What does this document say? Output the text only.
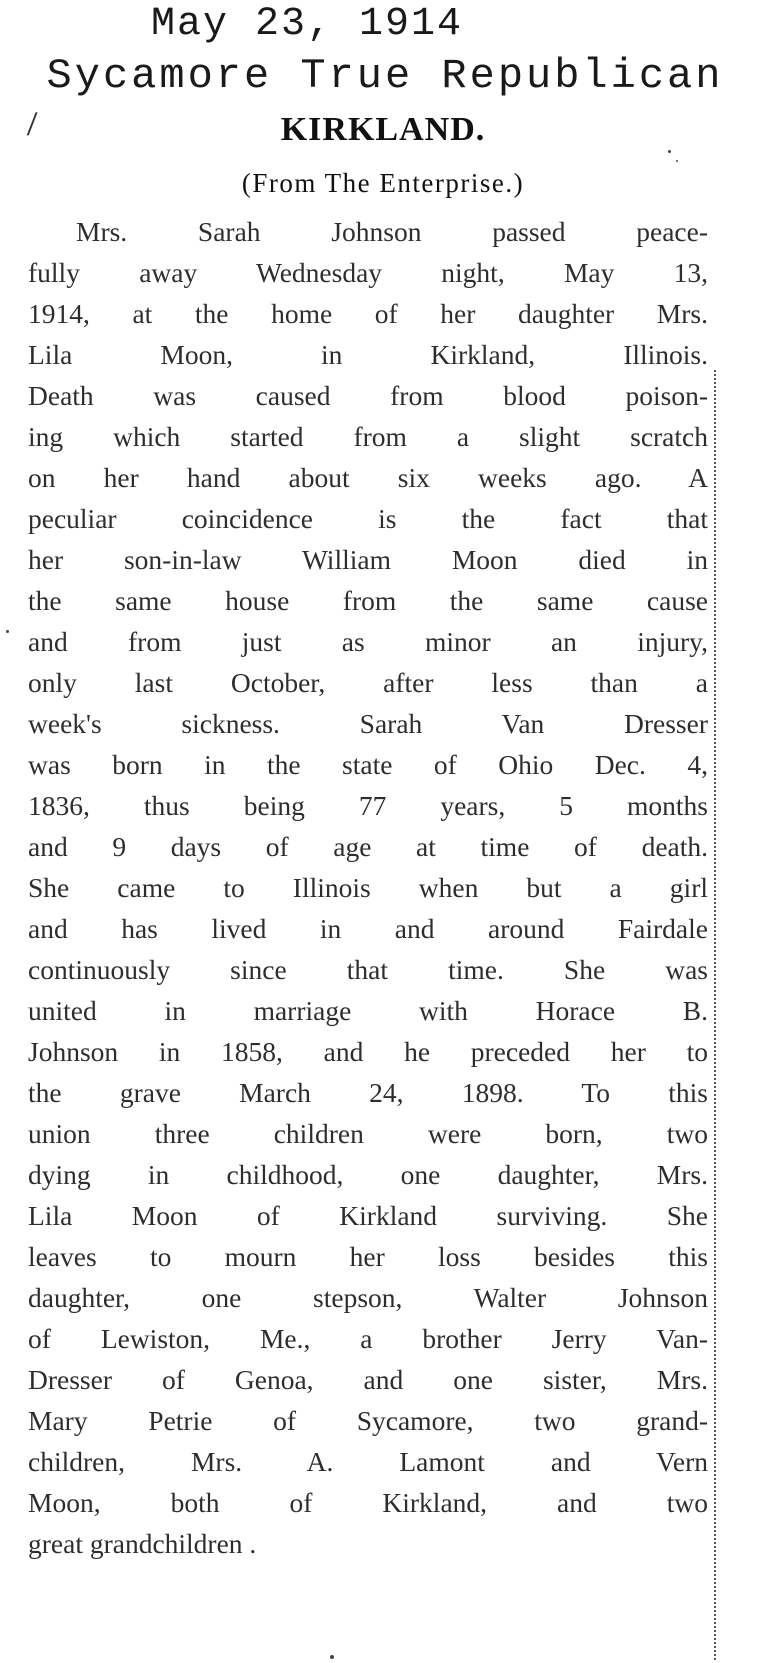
May 23, 1914
Sycamore True Republican
⁄	KIRKLAND.

(From The Enterprise.)

Mrs. Sarah Johnson passed peace-
fully away Wednesday night, May 13,
1914, at the home of her daughter Mrs.
Lila Moon, in Kirkland, Illinois.
Death was caused from blood poison-
ing which started from a slight scratch
on her hand about six weeks ago. A
peculiar coincidence is the fact that
her son-in-law William Moon died in
the same house from the same cause
and from just as minor an injury,
only last October, after less than a
week's sickness. Sarah Van Dresser
was born in the state of Ohio Dec. 4,
1836, thus being 77 years, 5 months
and 9 days of age at time of death.
She came to Illinois when but a girl
and has lived in and around Fairdale
continuously since that time. She was
united in marriage with Horace B.
Johnson in 1858, and he preceded her to
the grave March 24, 1898. To this
union three children were born, two
dying in childhood, one daughter, Mrs.
Lila Moon of Kirkland surviving. She
leaves to mourn her loss besides this
daughter, one stepson, Walter Johnson
of Lewiston, Me., a brother Jerry Van-
Dresser of Genoa, and one sister, Mrs.
Mary Petrie of Sycamore, two grand-
children, Mrs. A. Lamont and Vern
Moon, both of Kirkland, and two
great grandchildren .
